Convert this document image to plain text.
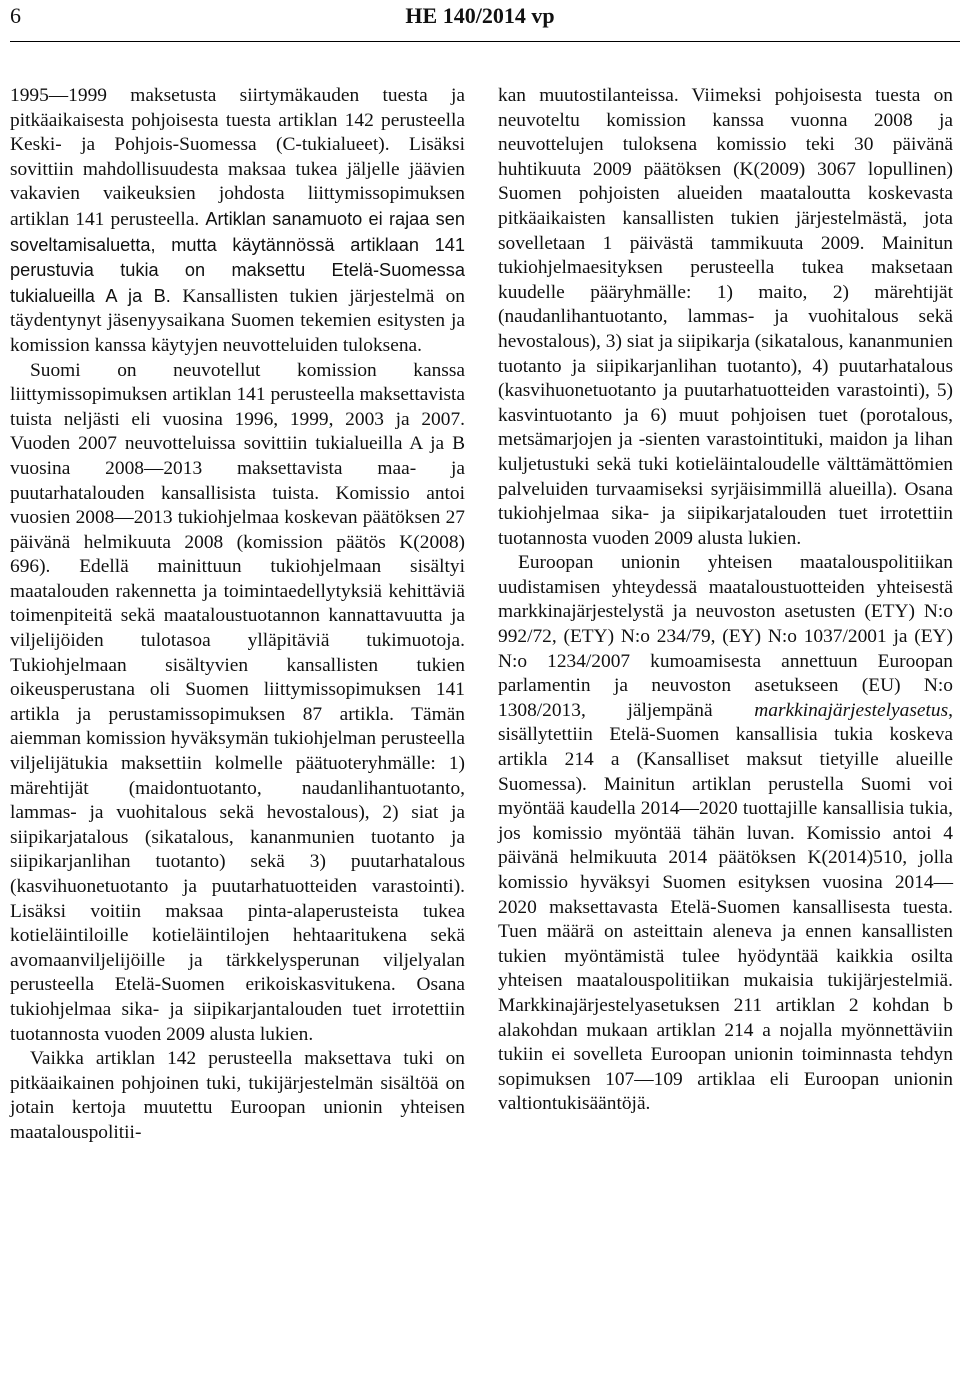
6	HE 140/2014 vp

1995—1999 maksetusta siirtymäkauden tuesta ja pitkäaikaisesta pohjoisesta tuesta artiklan 142 perusteella Keski- ja Pohjois-Suomessa (C-tukialueet). Lisäksi sovittiin mahdollisuudesta maksaa tukea jäljelle jäävien vakavien vaikeuksien johdosta liittymissopimuksen artiklan 141 perusteella. Artiklan sanamuoto ei rajaa sen soveltamisaluetta, mutta käytännössä artiklaan 141 perustuvia tukia on maksettu Etelä-Suomessa tukialueilla A ja B. Kansallisten tukien järjestelmä on täydentynyt jäsenyysaikana Suomen tekemien esitysten ja komission kanssa käytyjen neuvotteluiden tuloksena.

Suomi on neuvotellut komission kanssa liittymissopimuksen artiklan 141 perusteella maksettavista tuista neljästi eli vuosina 1996, 1999, 2003 ja 2007. Vuoden 2007 neuvotteluissa sovittiin tukialueilla A ja B vuosina 2008—2013 maksettavista maa- ja puutarhatalouden kansallisista tuista. Komissio antoi vuosien 2008—2013 tukiohjelmaa koskevan päätöksen 27 päivänä helmikuuta 2008 (komission päätös K(2008) 696). Edellä mainittuun tukiohjelmaan sisältyi maatalouden rakennetta ja toimintaedellytyksiä kehittäviä toimenpiteitä sekä maataloustuotannon kannattavuutta ja viljelijöiden tulotasoa ylläpitäviä tukimuotoja. Tukiohjelmaan sisältyvien kansallisten tukien oikeusperustana oli Suomen liittymissopimuksen 141 artikla ja perustamissopimuksen 87 artikla. Tämän aiemman komission hyväksymän tukiohjelman perusteella viljelijätukia maksettiin kolmelle päätuoteryhmälle: 1) märehtijät (maidontuotanto, naudanlihantuotanto, lammas- ja vuohitalous sekä hevostalous), 2) siat ja siipikarjatalous (sikatalous, kananmunien tuotanto ja siipikarjanlihan tuotanto) sekä 3) puutarhatalous (kasvihuonetuotanto ja puutarhatuotteiden varastointi). Lisäksi voitiin maksaa pinta-alaperusteista tukea kotieläintiloille kotieläintilojen hehtaaritukena sekä avomaanviljelijöille ja tärkkelysperunan viljelyalan perusteella Etelä-Suomen erikoiskasvitukena. Osana tukiohjelmaa sika- ja siipikarjantalouden tuet irrotettiin tuotannosta vuoden 2009 alusta lukien.

Vaikka artiklan 142 perusteella maksettava tuki on pitkäaikainen pohjoinen tuki, tukijärjestelmän sisältöä on jotain kertoja muutettu Euroopan unionin yhteisen maatalouspolitii-

kan muutostilanteissa. Viimeksi pohjoisesta tuesta on neuvoteltu komission kanssa vuonna 2008 ja neuvottelujen tuloksena komissio teki 30 päivänä huhtikuuta 2009 päätöksen (K(2009) 3067 lopullinen) Suomen pohjoisten alueiden maataloutta koskevasta pitkäaikaisten kansallisten tukien järjestelmästä, jota sovelletaan 1 päivästä tammikuuta 2009. Mainitun tukiohjelmaesityksen perusteella tukea maksetaan kuudelle pääryhmälle: 1) maito, 2) märehtijät (naudanlihantuotanto, lammas- ja vuohitalous sekä hevostalous), 3) siat ja siipikarja (sikatalous, kananmunien tuotanto ja siipikarjanlihan tuotanto), 4) puutarhatalous (kasvihuonetuotanto ja puutarhatuotteiden varastointi), 5) kasvintuotanto ja 6) muut pohjoisen tuet (porotalous, metsämarjojen ja -sienten varastointituki, maidon ja lihan kuljetustuki sekä tuki kotieläintaloudelle välttämättömien palveluiden turvaamiseksi syrjäisimmillä alueilla). Osana tukiohjelmaa sika- ja siipikarjatalouden tuet irrotettiin tuotannosta vuoden 2009 alusta lukien.

Euroopan unionin yhteisen maatalouspolitiikan uudistamisen yhteydessä maataloustuotteiden yhteisestä markkinajärjestelystä ja neuvoston asetusten (ETY) N:o 992/72, (ETY) N:o 234/79, (EY) N:o 1037/2001 ja (EY) N:o 1234/2007 kumoamisesta annettuun Euroopan parlamentin ja neuvoston asetukseen (EU) N:o 1308/2013, jäljempänä markkinajärjestelyasetus, sisällytettiin Etelä-Suomen kansallisia tukia koskeva artikla 214 a (Kansalliset maksut tietyille alueille Suomessa). Mainitun artiklan perustella Suomi voi myöntää kaudella 2014—2020 tuottajille kansallisia tukia, jos komissio myöntää tähän luvan. Komissio antoi 4 päivänä helmikuuta 2014 päätöksen K(2014)510, jolla komissio hyväksyi Suomen esityksen vuosina 2014—2020 maksettavasta Etelä-Suomen kansallisesta tuesta. Tuen määrä on asteittain aleneva ja ennen kansallisten tukien myöntämistä tulee hyödyntää kaikkia osilta yhteisen maatalouspolitiikan mukaisia tukijärjestelmiä. Markkinajärjestelyasetuksen 211 artiklan 2 kohdan b alakohdan mukaan artiklan 214 a nojalla myönnettäviin tukiin ei sovelleta Euroopan unionin toiminnasta tehdyn sopimuksen 107—109 artiklaa eli Euroopan unionin valtiontukisääntöjä.
